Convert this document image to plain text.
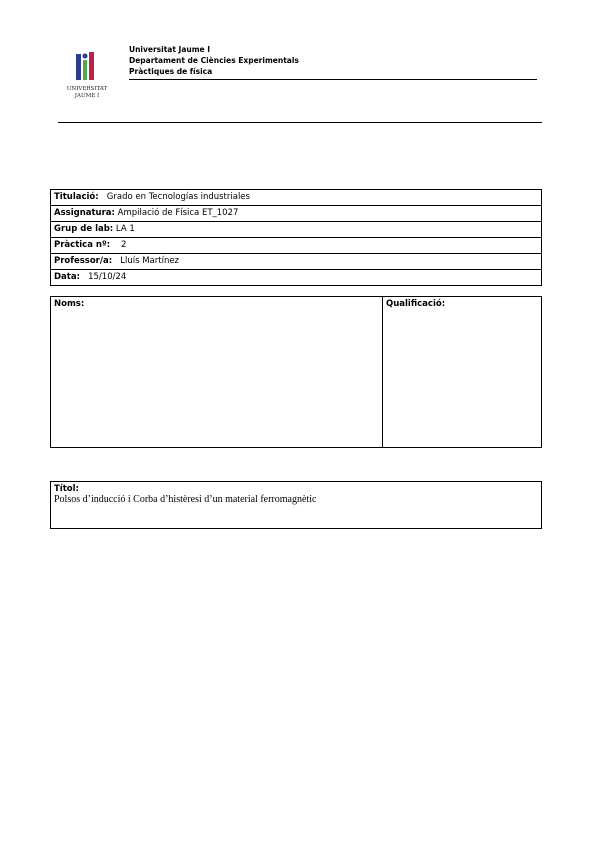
UNIVERSITAT
JAUME I
Universitat Jaume I
Departament de Ciències Experimentals
Pràctiques de física
Titulació: Grado en Tecnologías industriales
Assignatura: Ampilació de Física ET_1027
Grup de lab: LA 1
Pràctica nº: 2
Professor/a: Lluís Martínez
Data: 15/10/24
Noms:	Qualificació:
Títol:
Polsos d’inducció i Corba d’histèresi d’un material ferromagnètic
